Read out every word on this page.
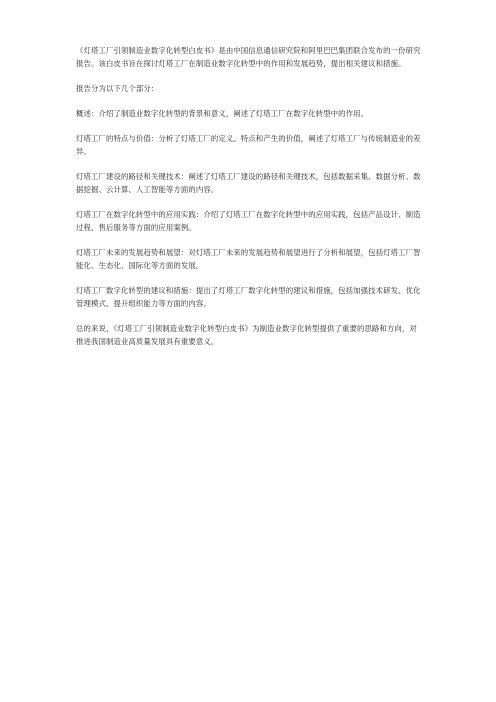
《灯塔工厂引领制造业数字化转型白皮书》是由中国信息通信研究院和阿里巴巴集团联合发布的一份研究报告。该白皮书旨在探讨灯塔工厂在制造业数字化转型中的作用和发展趋势，提出相关建议和措施。

报告分为以下几个部分：

概述：介绍了制造业数字化转型的背景和意义，阐述了灯塔工厂在数字化转型中的作用。

灯塔工厂的特点与价值：分析了灯塔工厂的定义、特点和产生的价值，阐述了灯塔工厂与传统制造业的差异。

灯塔工厂建设的路径和关键技术：阐述了灯塔工厂建设的路径和关键技术，包括数据采集、数据分析、数据挖掘、云计算、人工智能等方面的内容。

灯塔工厂在数字化转型中的应用实践：介绍了灯塔工厂在数字化转型中的应用实践，包括产品设计、制造过程、售后服务等方面的应用案例。

灯塔工厂未来的发展趋势和展望：对灯塔工厂未来的发展趋势和展望进行了分析和展望，包括灯塔工厂智能化、生态化、国际化等方面的发展。

灯塔工厂数字化转型的建议和措施：提出了灯塔工厂数字化转型的建议和措施，包括加强技术研发、优化管理模式、提升组织能力等方面的内容。

总的来说，《灯塔工厂引领制造业数字化转型白皮书》为制造业数字化转型提供了重要的思路和方向，对推进我国制造业高质量发展具有重要意义。
